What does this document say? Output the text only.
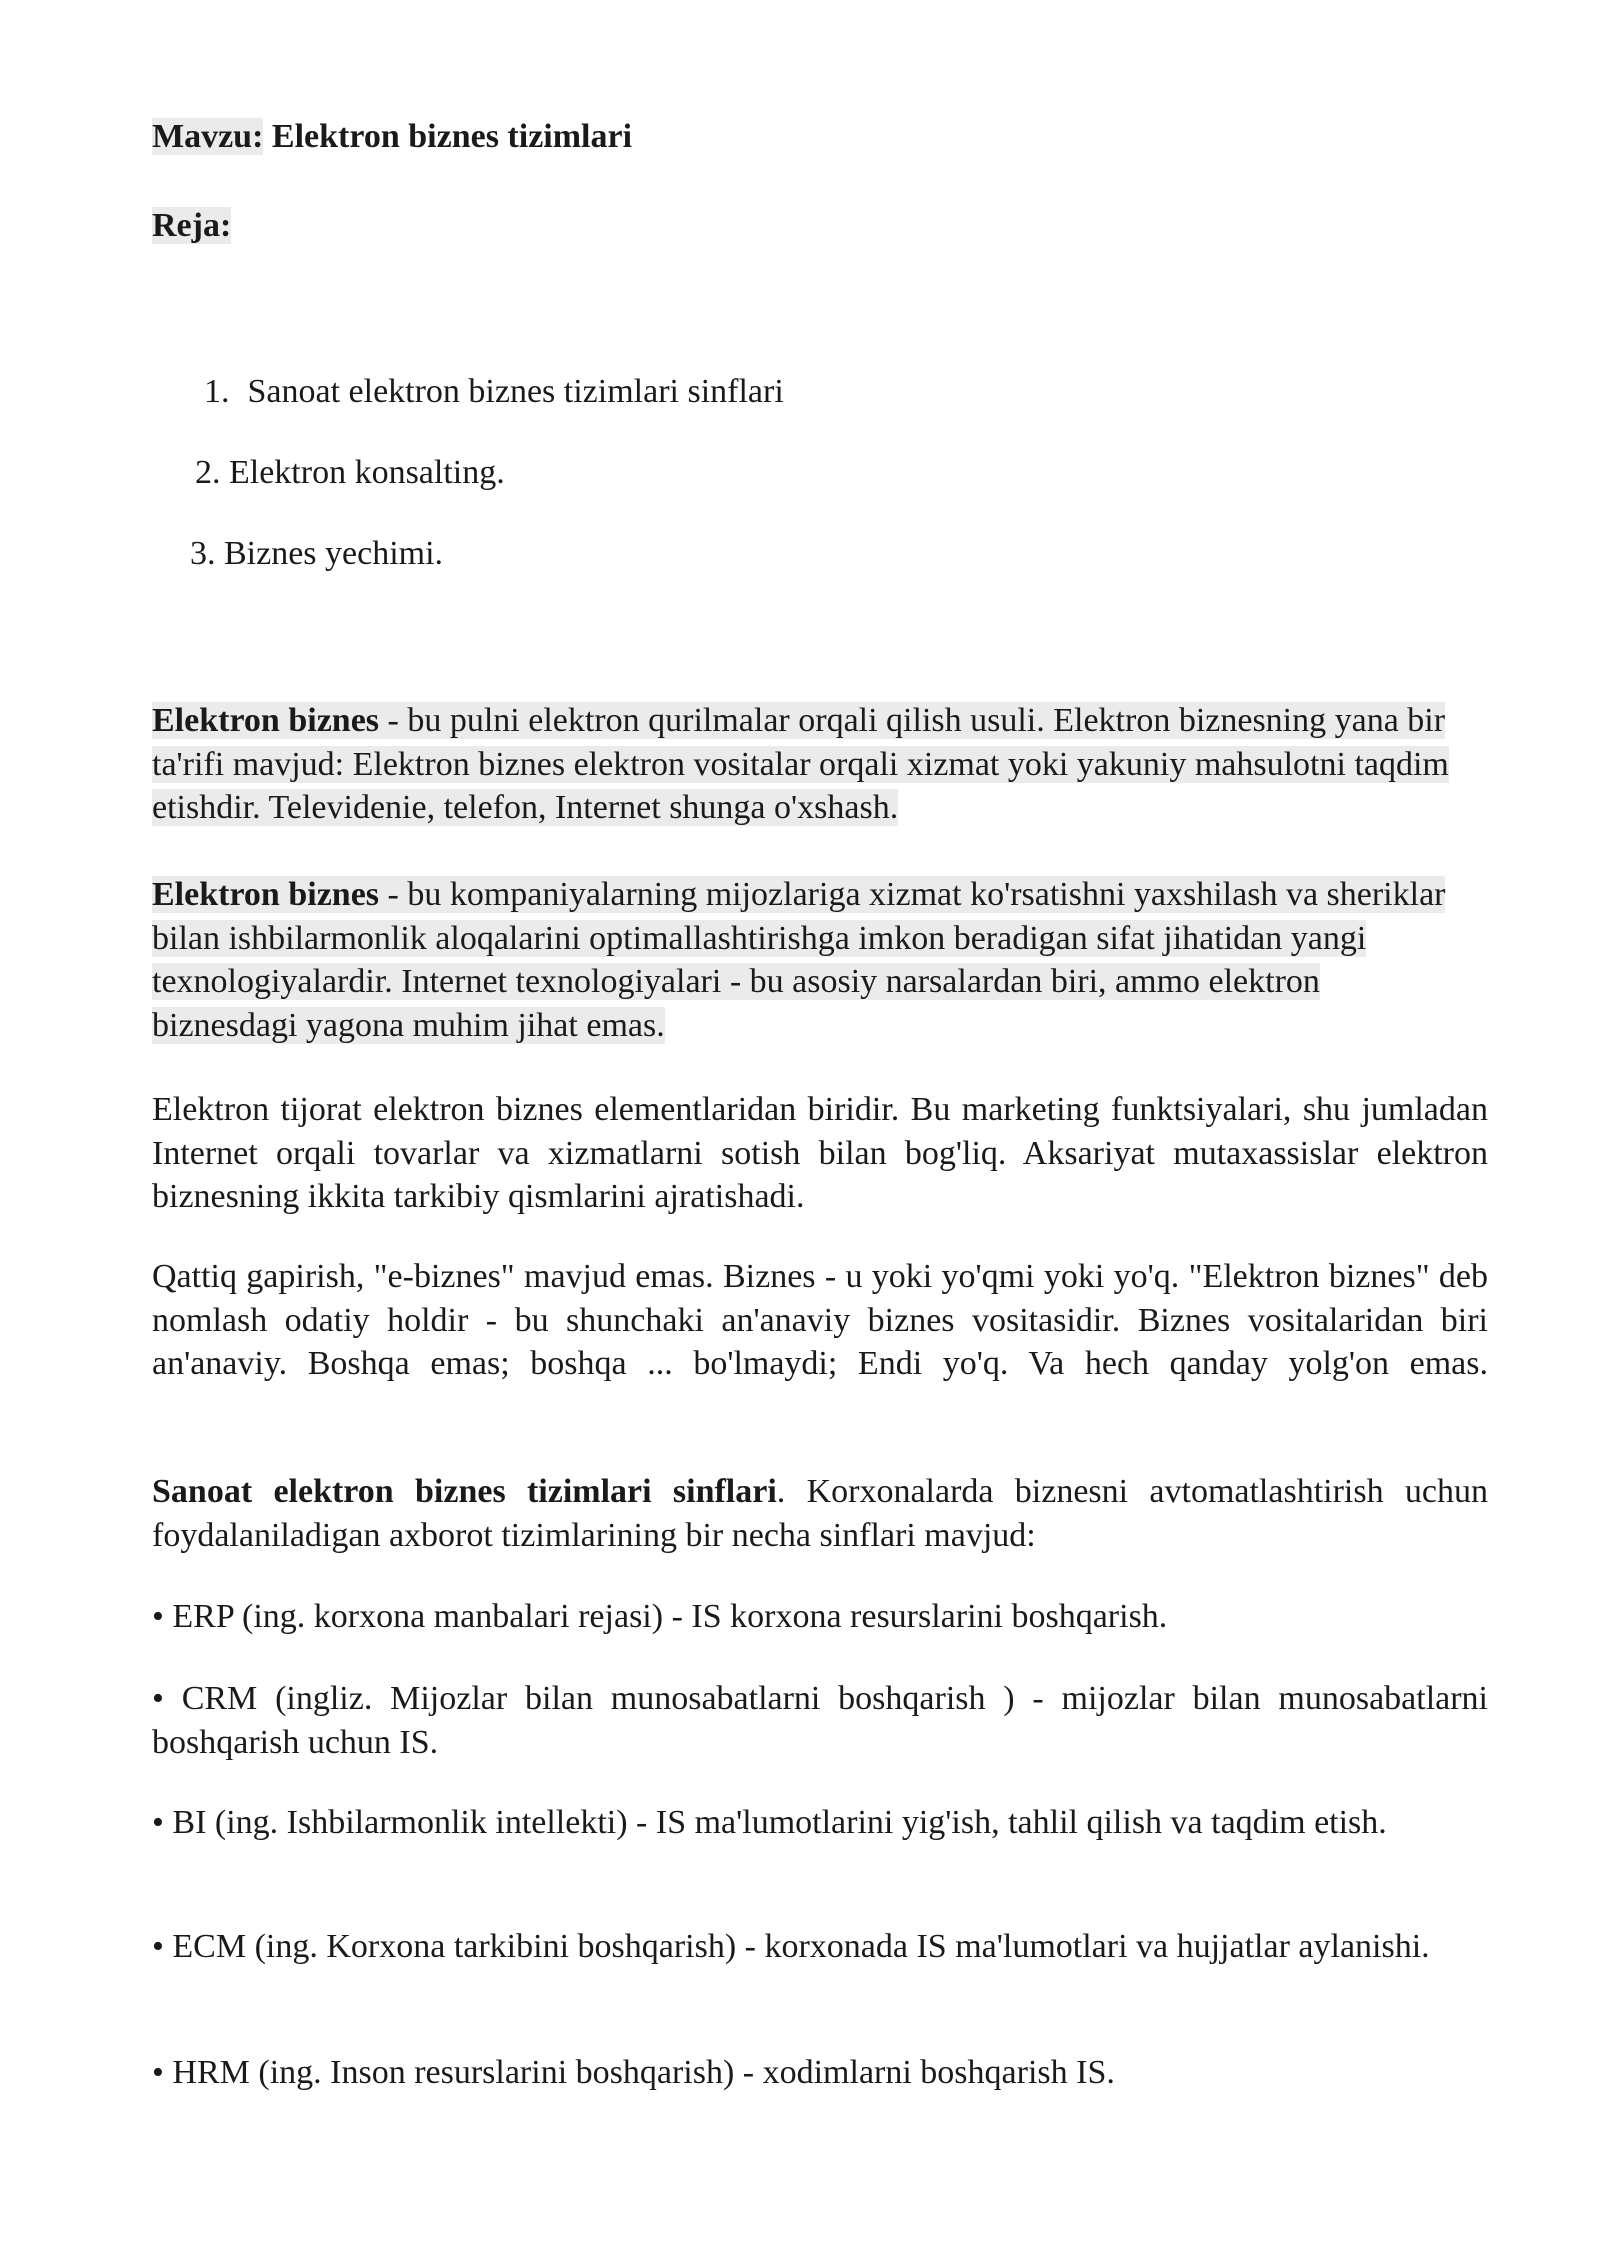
Mavzu: Elektron biznes tizimlari

Reja:

1. Sanoat elektron biznes tizimlari sinflari

2. Elektron konsalting.

3. Biznes yechimi.

Elektron biznes - bu pulni elektron qurilmalar orqali qilish usuli. Elektron biznesning yana bir ta'rifi mavjud: Elektron biznes elektron vositalar orqali xizmat yoki yakuniy mahsulotni taqdim etishdir. Televidenie, telefon, Internet shunga o'xshash.

Elektron biznes - bu kompaniyalarning mijozlariga xizmat ko'rsatishni yaxshilash va sheriklar bilan ishbilarmonlik aloqalarini optimallashtirishga imkon beradigan sifat jihatidan yangi texnologiyalardir. Internet texnologiyalari - bu asosiy narsalardan biri, ammo elektron biznesdagi yagona muhim jihat emas.

Elektron tijorat elektron biznes elementlaridan biridir. Bu marketing funktsiyalari, shu jumladan Internet orqali tovarlar va xizmatlarni sotish bilan bog'liq. Aksariyat mutaxassislar elektron biznesning ikkita tarkibiy qismlarini ajratishadi.

Qattiq gapirish, "e-biznes" mavjud emas. Biznes - u yoki yo'qmi yoki yo'q. "Elektron biznes" deb nomlash odatiy holdir - bu shunchaki an'anaviy biznes vositasidir. Biznes vositalaridan biri an'anaviy. Boshqa emas; boshqa ... bo'lmaydi; Endi yo'q. Va hech qanday yolg'on emas.

Sanoat elektron biznes tizimlari sinflari. Korxonalarda biznesni avtomatlashtirish uchun foydalaniladigan axborot tizimlarining bir necha sinflari mavjud:

• ERP (ing. korxona manbalari rejasi) - IS korxona resurslarini boshqarish.

• CRM (ingliz. Mijozlar bilan munosabatlarni boshqarish ) - mijozlar bilan munosabatlarni boshqarish uchun IS.

• BI (ing. Ishbilarmonlik intellekti) - IS ma'lumotlarini yig'ish, tahlil qilish va taqdim etish.

• ECM (ing. Korxona tarkibini boshqarish) - korxonada IS ma'lumotlari va hujjatlar aylanishi.

• HRM (ing. Inson resurslarini boshqarish) - xodimlarni boshqarish IS.
